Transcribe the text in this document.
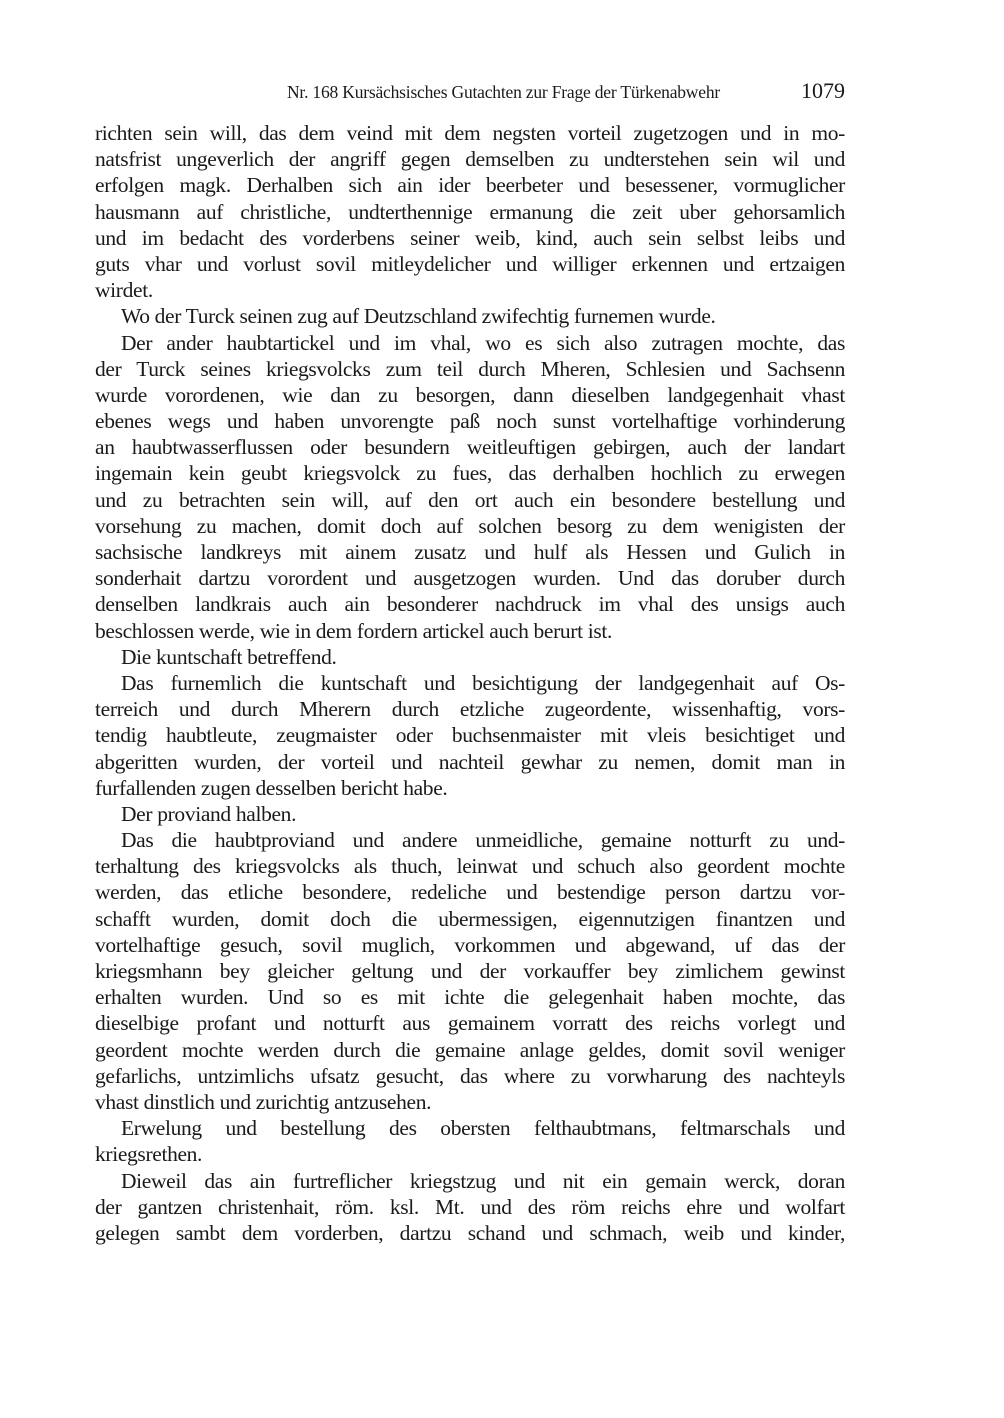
Nr. 168 Kursächsisches Gutachten zur Frage der Türkenabwehr	1079
richten sein will, das dem veind mit dem negsten vorteil zugetzogen und in mo-
natsfrist ungeverlich der angriff gegen demselben zu undterstehen sein wil und
erfolgen magk. Derhalben sich ain ider beerbeter und besessener, vormuglicher
hausmann auf christliche, undterthennige ermanung die zeit uber gehorsamlich
und im bedacht des vorderbens seiner weib, kind, auch sein selbst leibs und
guts vhar und vorlust sovil mitleydelicher und williger erkennen und ertzaigen
wirdet.
Wo der Turck seinen zug auf Deutzschland zwifechtig furnemen wurde.
Der ander haubtartickel und im vhal, wo es sich also zutragen mochte, das
der Turck seines kriegsvolcks zum teil durch Mheren, Schlesien und Sachsenn
wurde vorordenen, wie dan zu besorgen, dann dieselben landgegenhait vhast
ebenes wegs und haben unvorengte paß noch sunst vortelhaftige vorhinderung
an haubtwasserflussen oder besundern weitleuftigen gebirgen, auch der landart
ingemain kein geubt kriegsvolck zu fues, das derhalben hochlich zu erwegen
und zu betrachten sein will, auf den ort auch ein besondere bestellung und
vorsehung zu machen, domit doch auf solchen besorg zu dem wenigisten der
sachsische landkreys mit ainem zusatz und hulf als Hessen und Gulich in
sonderhait dartzu vorordent und ausgetzogen wurden. Und das doruber durch
denselben landkrais auch ain besonderer nachdruck im vhal des unsigs auch
beschlossen werde, wie in dem fordern artickel auch berurt ist.
Die kuntschaft betreffend.
Das furnemlich die kuntschaft und besichtigung der landgegenhait auf Os-
terreich und durch Mherern durch etzliche zugeordente, wissenhaftig, vors-
tendig haubtleute, zeugmaister oder buchsenmaister mit vleis besichtiget und
abgeritten wurden, der vorteil und nachteil gewhar zu nemen, domit man in
furfallenden zugen desselben bericht habe.
Der proviand halben.
Das die haubtproviand und andere unmeidliche, gemaine notturft zu und-
terhaltung des kriegsvolcks als thuch, leinwat und schuch also geordent mochte
werden, das etliche besondere, redeliche und bestendige person dartzu vor-
schafft wurden, domit doch die ubermessigen, eigennutzigen finantzen und
vortelhaftige gesuch, sovil muglich, vorkommen und abgewand, uf das der
kriegsmhann bey gleicher geltung und der vorkauffer bey zimlichem gewinst
erhalten wurden. Und so es mit ichte die gelegenhait haben mochte, das
dieselbige profant und notturft aus gemainem vorratt des reichs vorlegt und
geordent mochte werden durch die gemaine anlage geldes, domit sovil weniger
gefarlichs, untzimlichs ufsatz gesucht, das where zu vorwharung des nachteyls
vhast dinstlich und zurichtig antzusehen.
Erwelung und bestellung des obersten felthaubtmans, feltmarschals und
kriegsrethen.
Dieweil das ain furtreflicher kriegstzug und nit ein gemain werck, doran
der gantzen christenhait, röm. ksl. Mt. und des röm reichs ehre und wolfart
gelegen sambt dem vorderben, dartzu schand und schmach, weib und kinder,
